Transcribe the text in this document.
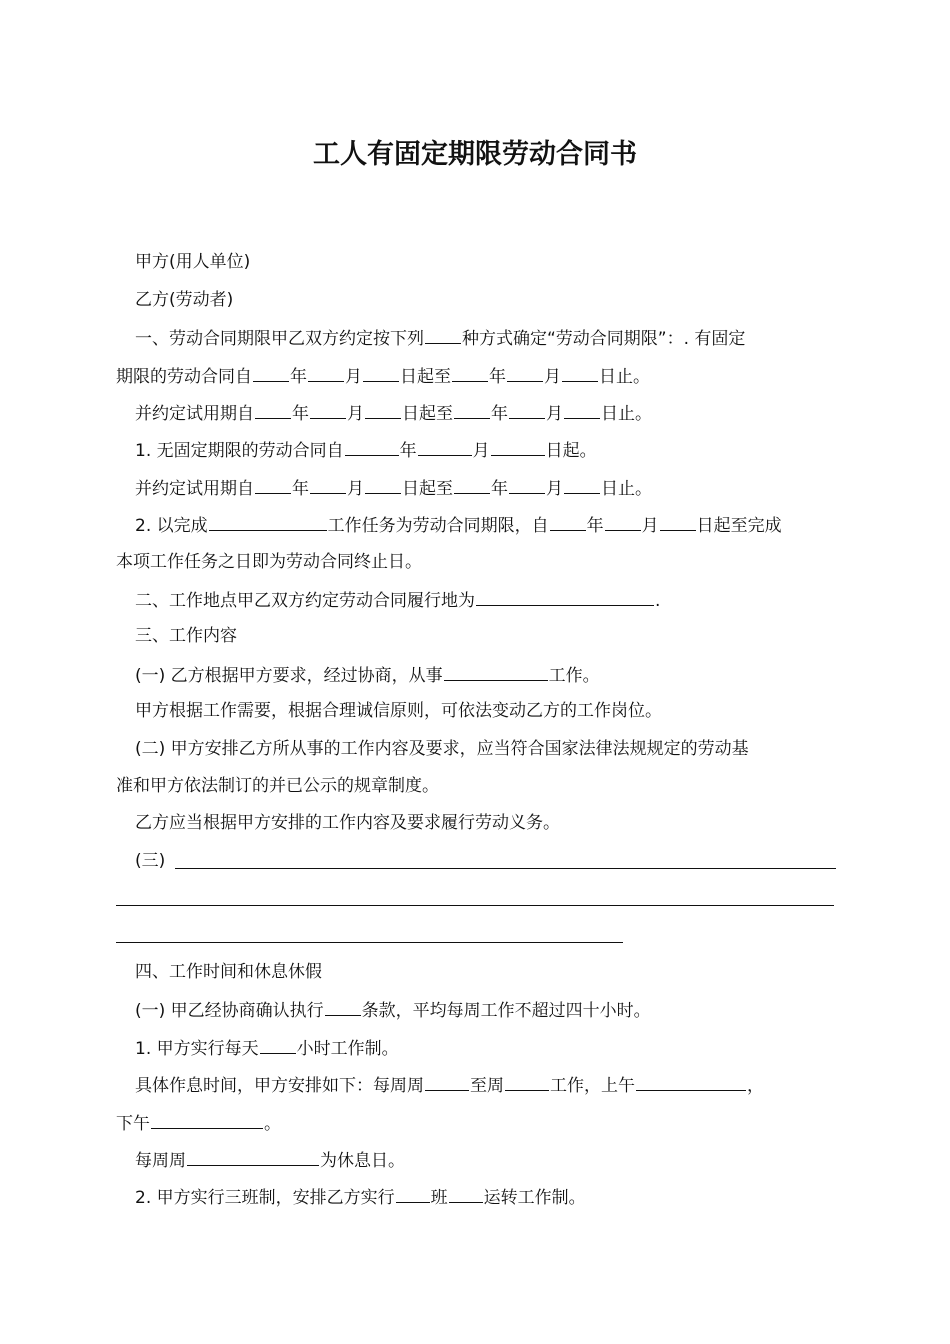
工人有固定期限劳动合同书
甲方(用人单位)
乙方(劳动者)
一、劳动合同期限甲乙双方约定按下列 种方式确定“劳动合同期限”：. 有固定
期限的劳动合同自 年 月 日起至 年 月 日止。
并约定试用期自 年 月 日起至 年 月 日止。
1. 无固定期限的劳动合同自	年	月	日起。
并约定试用期自 年 月 日起至 年 月 日止。
2. 以完成	工作任务为劳动合同期限，自 年 月 日起至完成
本项工作任务之日即为劳动合同终止日。
二、工作地点甲乙双方约定劳动合同履行地为	.
三、工作内容
(一) 乙方根据甲方要求，经过协商，从事	工作。
甲方根据工作需要，根据合理诚信原则，可依法变动乙方的工作岗位。
(二) 甲方安排乙方所从事的工作内容及要求，应当符合国家法律法规规定的劳动基
准和甲方依法制订的并已公示的规章制度。
乙方应当根据甲方安排的工作内容及要求履行劳动义务。
(三)
四、工作时间和休息休假
(一) 甲乙经协商确认执行 条款，平均每周工作不超过四十小时。
1. 甲方实行每天 小时工作制。
具体作息时间，甲方安排如下：每周周	至周	工作，上午	，
下午	。
每周周	为休息日。
2. 甲方实行三班制，安排乙方实行 班 运转工作制。
